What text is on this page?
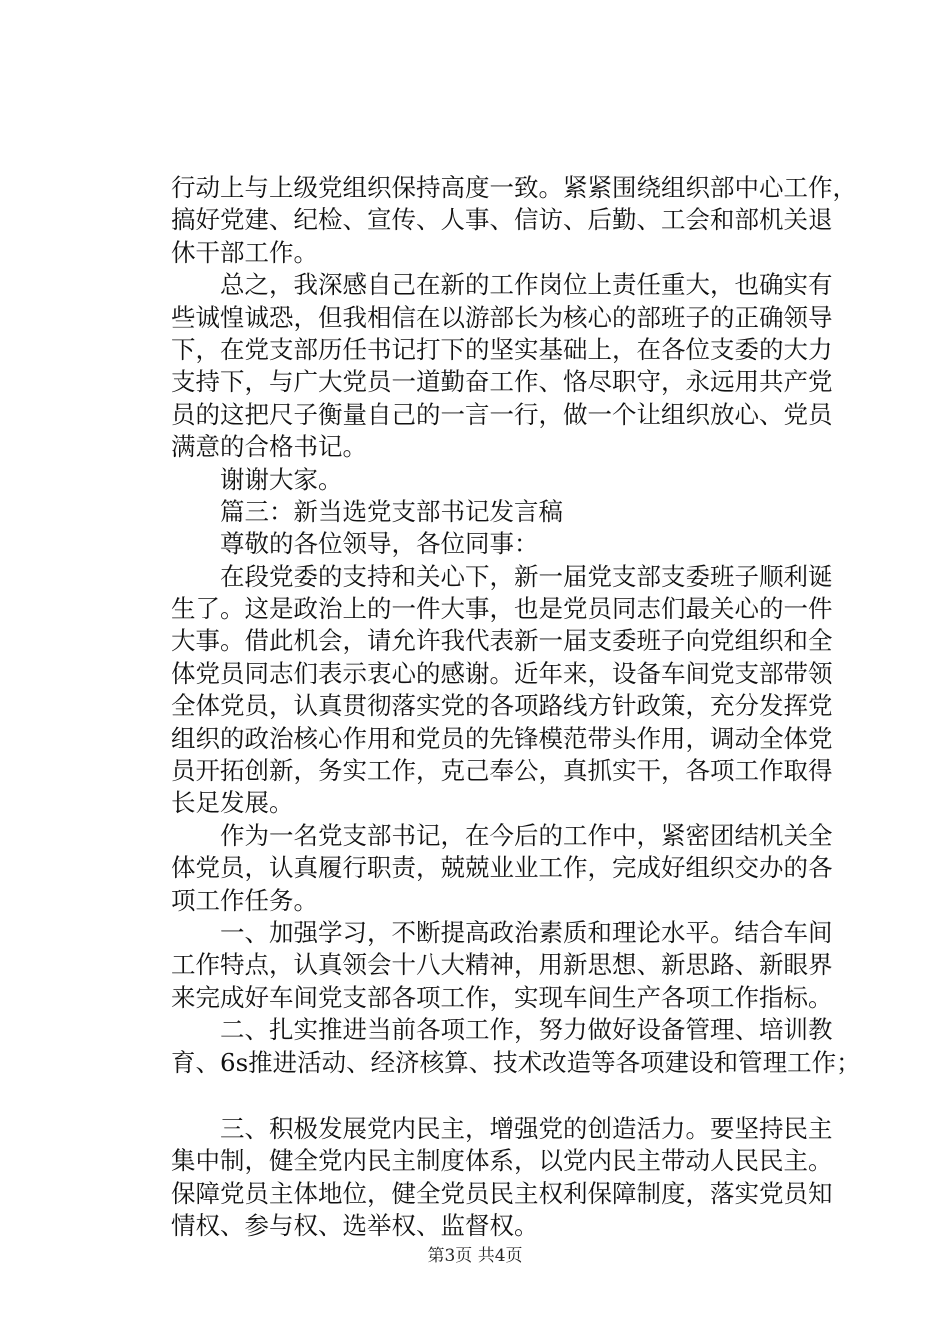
行动上与上级党组织保持高度一致。紧紧围绕组织部中心工作，
搞好党建、纪检、宣传、人事、信访、后勤、工会和部机关退
休干部工作。
　　总之，我深感自己在新的工作岗位上责任重大，也确实有
些诚惶诚恐，但我相信在以游部长为核心的部班子的正确领导
下，在党支部历任书记打下的坚实基础上，在各位支委的大力
支持下，与广大党员一道勤奋工作、恪尽职守，永远用共产党
员的这把尺子衡量自己的一言一行，做一个让组织放心、党员
满意的合格书记。
　　谢谢大家。
　　篇三：新当选党支部书记发言稿
　　尊敬的各位领导，各位同事：
　　在段党委的支持和关心下，新一届党支部支委班子顺利诞
生了。这是政治上的一件大事，也是党员同志们最关心的一件
大事。借此机会，请允许我代表新一届支委班子向党组织和全
体党员同志们表示衷心的感谢。近年来，设备车间党支部带领
全体党员，认真贯彻落实党的各项路线方针政策，充分发挥党
组织的政治核心作用和党员的先锋模范带头作用，调动全体党
员开拓创新，务实工作，克己奉公，真抓实干，各项工作取得
长足发展。
　　作为一名党支部书记，在今后的工作中，紧密团结机关全
体党员，认真履行职责，兢兢业业工作，完成好组织交办的各
项工作任务。
　　一、加强学习，不断提高政治素质和理论水平。结合车间
工作特点，认真领会十八大精神，用新思想、新思路、新眼界
来完成好车间党支部各项工作，实现车间生产各项工作指标。
　　二、扎实推进当前各项工作，努力做好设备管理、培训教
育、6s推进活动、经济核算、技术改造等各项建设和管理工作；
　　三、积极发展党内民主，增强党的创造活力。要坚持民主
集中制，健全党内民主制度体系，以党内民主带动人民民主。
保障党员主体地位，健全党员民主权利保障制度，落实党员知
情权、参与权、选举权、监督权。
第3页 共4页
